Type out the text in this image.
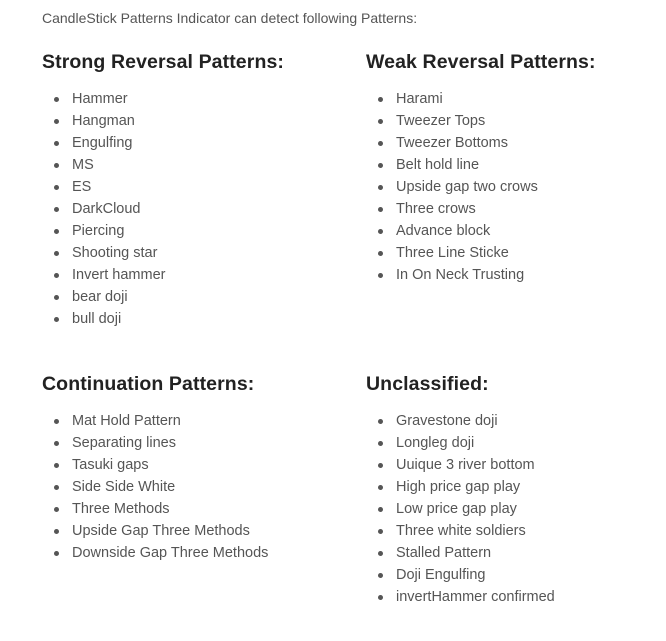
CandleStick Patterns Indicator can detect following Patterns:

Strong Reversal Patterns:
Hammer
Hangman
Engulfing
MS
ES
DarkCloud
Piercing
Shooting star
Invert hammer
bear doji
bull doji
Weak Reversal Patterns:
Harami
Tweezer Tops
Tweezer Bottoms
Belt hold line
Upside gap two crows
Three crows
Advance block
Three Line Sticke
In On Neck Trusting
Continuation Patterns:
Mat Hold Pattern
Separating lines
Tasuki gaps
Side Side White
Three Methods
Upside Gap Three Methods
Downside Gap Three Methods
Unclassified:
Gravestone doji
Longleg doji
Uuique 3 river bottom
High price gap play
Low price gap play
Three white soldiers
Stalled Pattern
Doji Engulfing
invertHammer confirmed
